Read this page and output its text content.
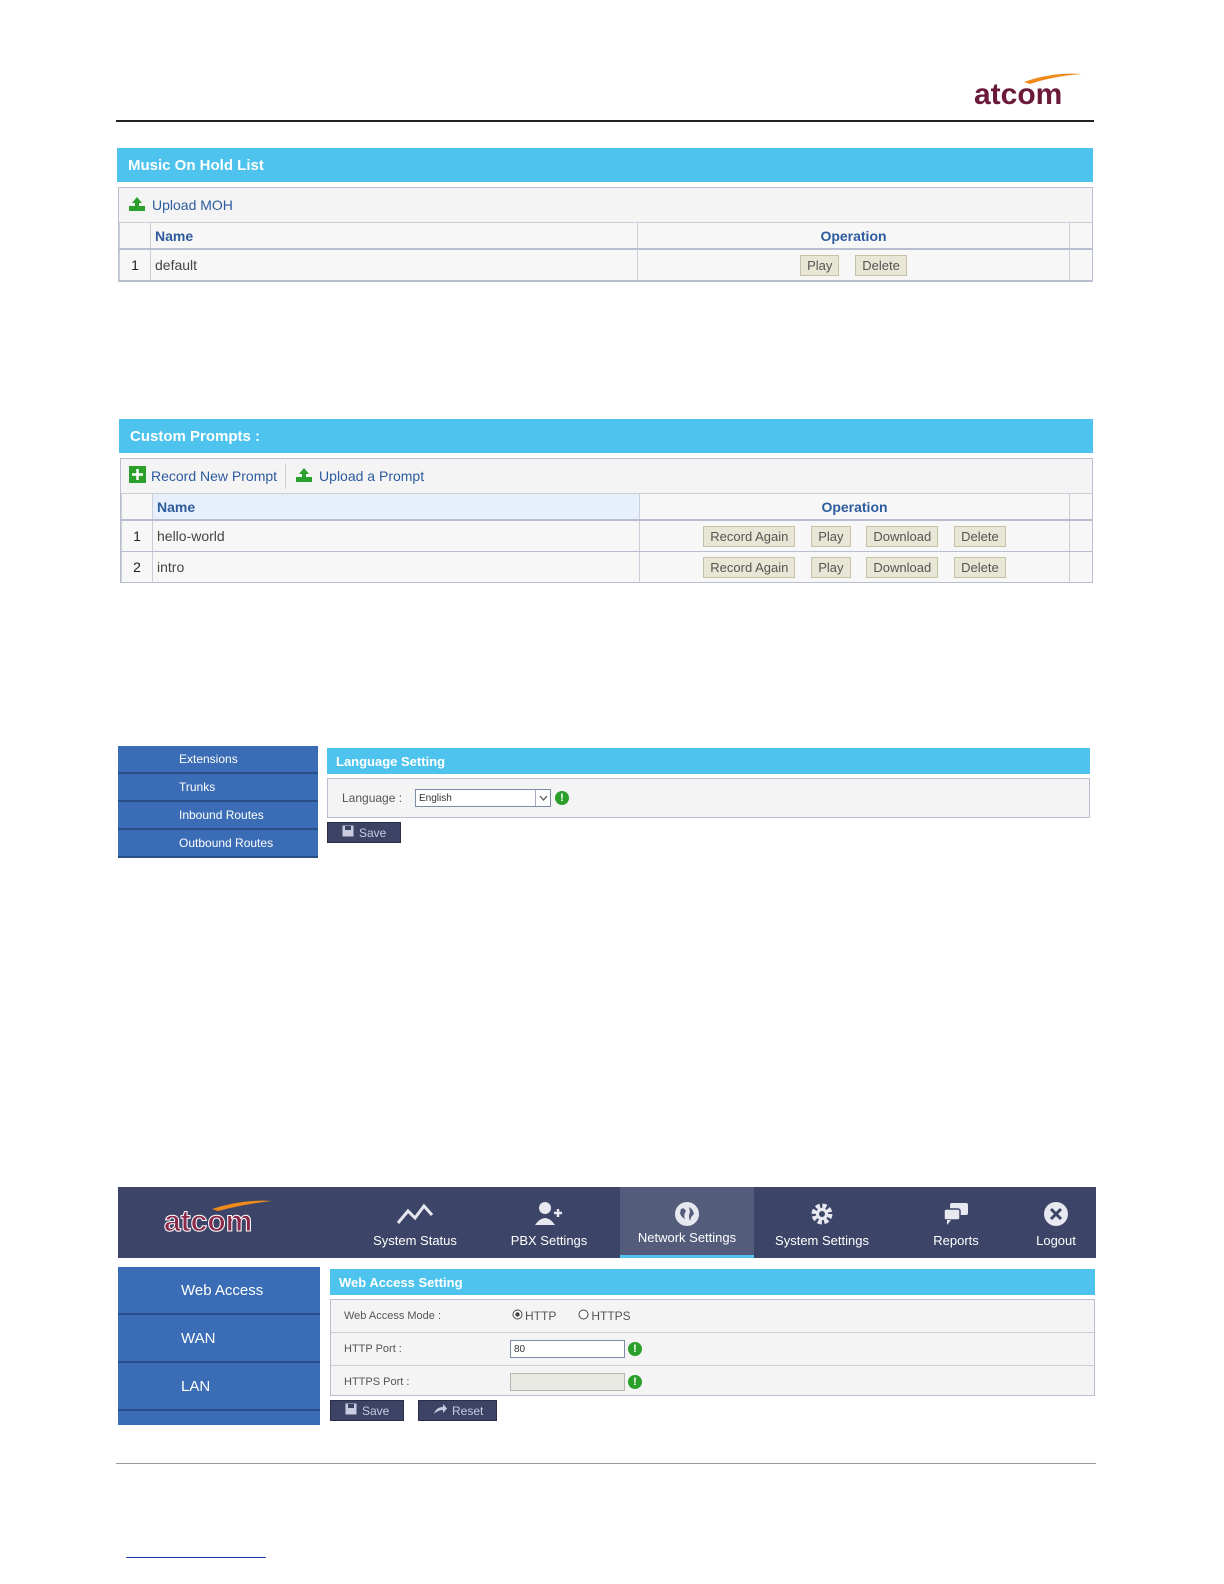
atcom
Music On Hold List
Upload MOH
	Name	Operation	
1	default	Play Delete	
Custom Prompts :
Record New Prompt	Upload a Prompt
	Name	Operation	
1	hello-world	Record Again Play Download Delete	
2	intro	Record Again Play Download Delete	
Extensions
Trunks
Inbound Routes
Outbound Routes
Language Setting
Language :	English	!
Save
atcom
System Status	PBX Settings	Network Settings	System Settings	Reports	Logout
Web Access
WAN
LAN
Web Access Setting
Web Access Mode :	HTTP	HTTPS
HTTP Port :	80	!
HTTPS Port :	!
Save	Reset
